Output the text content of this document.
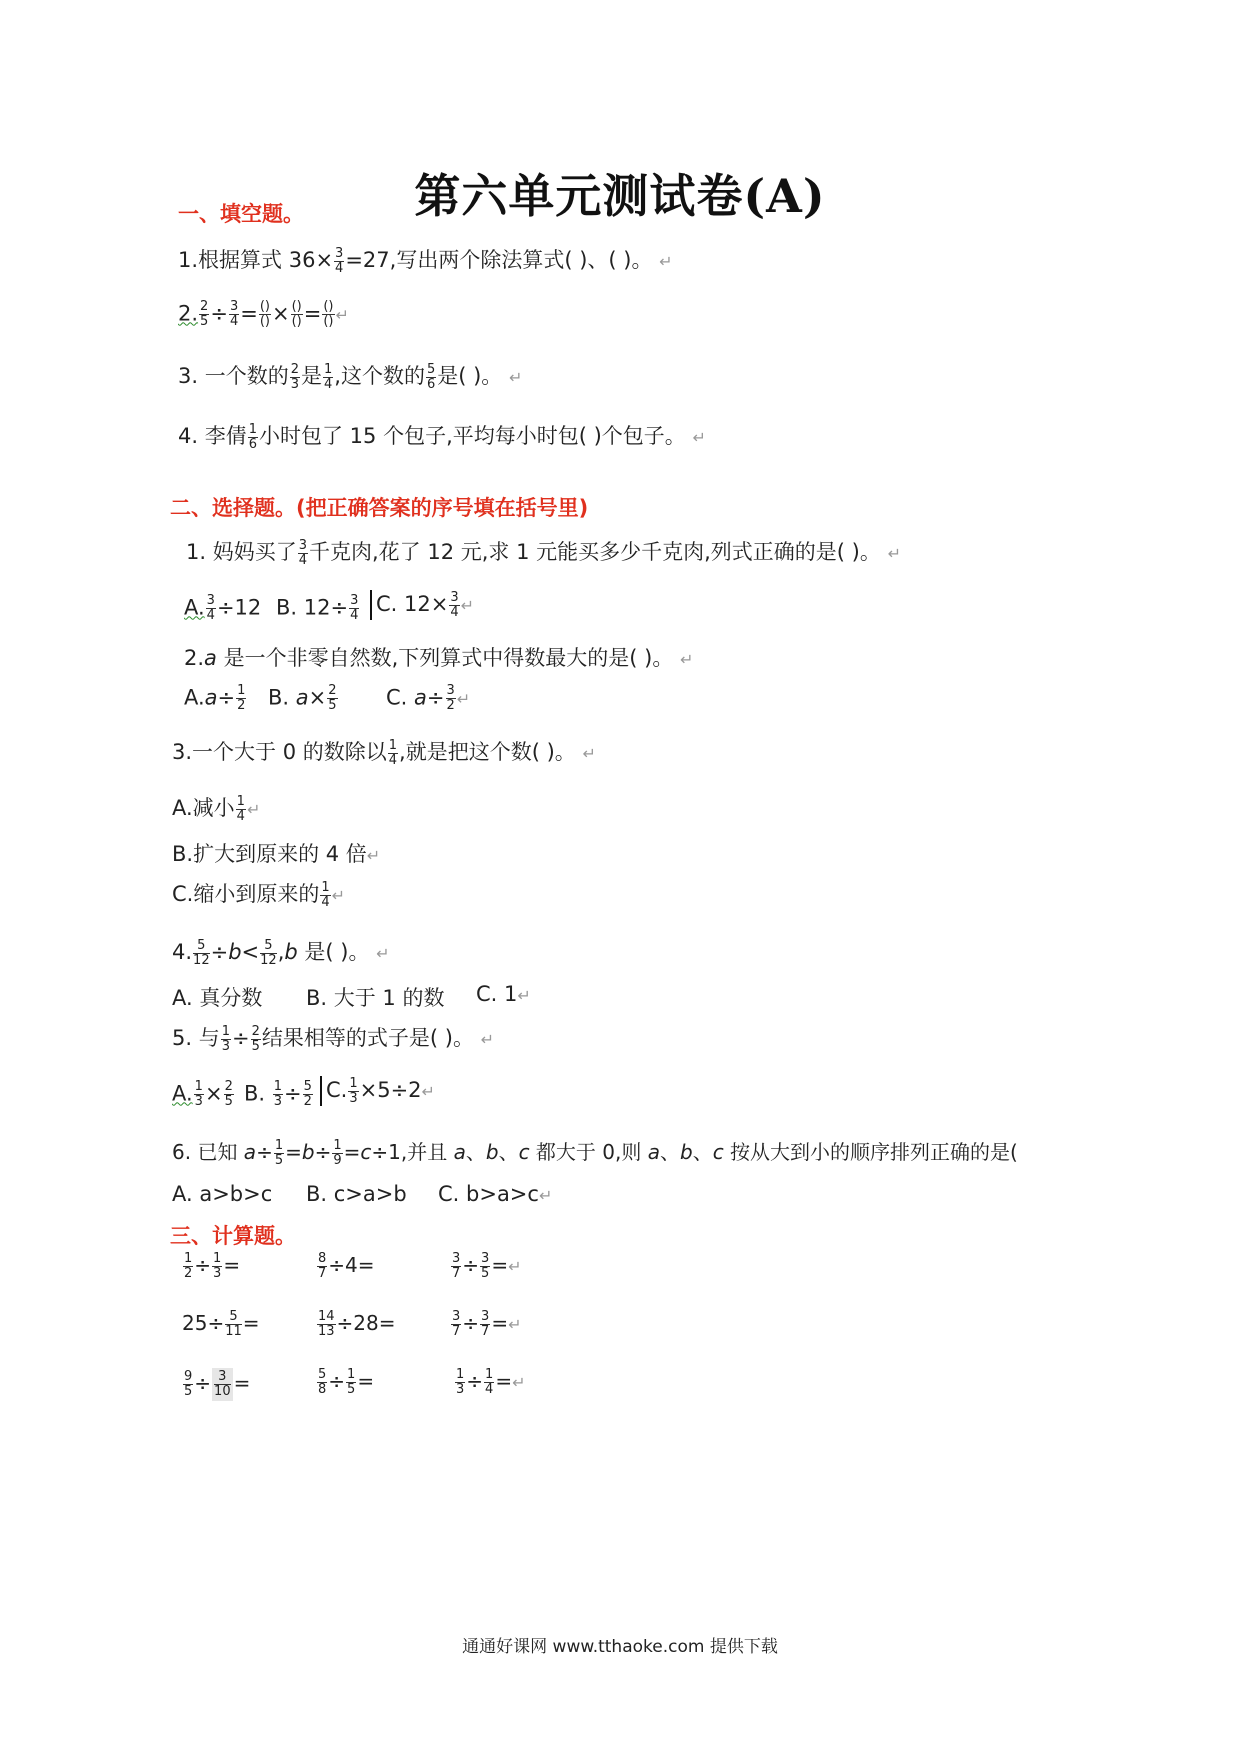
第六单元测试卷(A)
一、填空题。
1.根据算式 $36\times \frac{3}{4} =27$,写出两个除法算式( )、( )。 ↵
2. $\frac{2}{5} \div \frac{3}{4} = \frac{()}{()} \times \frac{()}{()} = \frac{()}{()}$ ↵
3. 一个数的 $\frac{2}{3}$ 是 $\frac{1}{4}$ ,这个数的 $\frac{5}{6}$ 是( )。 ↵
4. 李倩 $\frac{1}{6}$ 小时包了 15 个包子,平均每小时包( )个包子。 ↵
二、选择题。(把正确答案的序号填在括号里)
1. 妈妈买了 $\frac{3}{4}$ 千克肉,花了 12 元,求 1 元能买多少千克肉,列式正确的是( )。 ↵
A. $\frac{3}{4} \div 12$ B. $12\div \frac{3}{4} C$. $12\times \frac{3}{4}$ ↵
2.a 是一个非零自然数,下列算式中得数最大的是( )。 ↵
$A.a\div \frac{1}{2} B$. $a\times \frac{2}{5} C$. $a\div \frac{3}{2}$ ↵
3.一个大于 0 的数除以 $\frac{1}{4}$ ,就是把这个数( )。 ↵
A.减小 $\frac{1}{4}$ ↵
B.扩大到原来的 4 倍↵
C.缩小到原来的 $\frac{1}{4}$ ↵
4. $\frac{5}{12} \div b< \frac{5}{12} ,b$ 是( )。 ↵
A. 真分数 B. 大于 1 的数 C. 1↵
5. 与 $\frac{1}{3} \div \frac{2}{5}$ 结果相等的式子是( )。 ↵
A. $\frac{1}{3} \times \frac{2}{5} B$. $\frac{1}{3} \div \frac{5}{2} C$. $\frac{1}{3}$ ×5÷2↵
6. 已知 $a\div \frac{1}{5} =b\div \frac{1}{9} =c\div 1$,并且 a、b、c 都大于 0,则 a、b、c 按从大到小的顺序排列正确的是(
A. a>b>c B. c>a>b C. b>a>c↵
三、计算题。
$\frac{1}{2} \div \frac{1}{3}$ =	$\frac{8}{7} \div 4=$	$\frac{3}{7} \div \frac{3}{5}$ =↵
$25\div \frac{5}{11}$ =	$\frac{14}{13} \div 28=$	$\frac{3}{7} \div \frac{3}{7}$ =↵
$\frac{9}{5} \div \frac{3}{10}$ =	$\frac{5}{8} \div \frac{1}{5}$ =	$\frac{1}{3} \div \frac{1}{4}$ =↵
通通好课网 www.tthaoke.com 提供下载
